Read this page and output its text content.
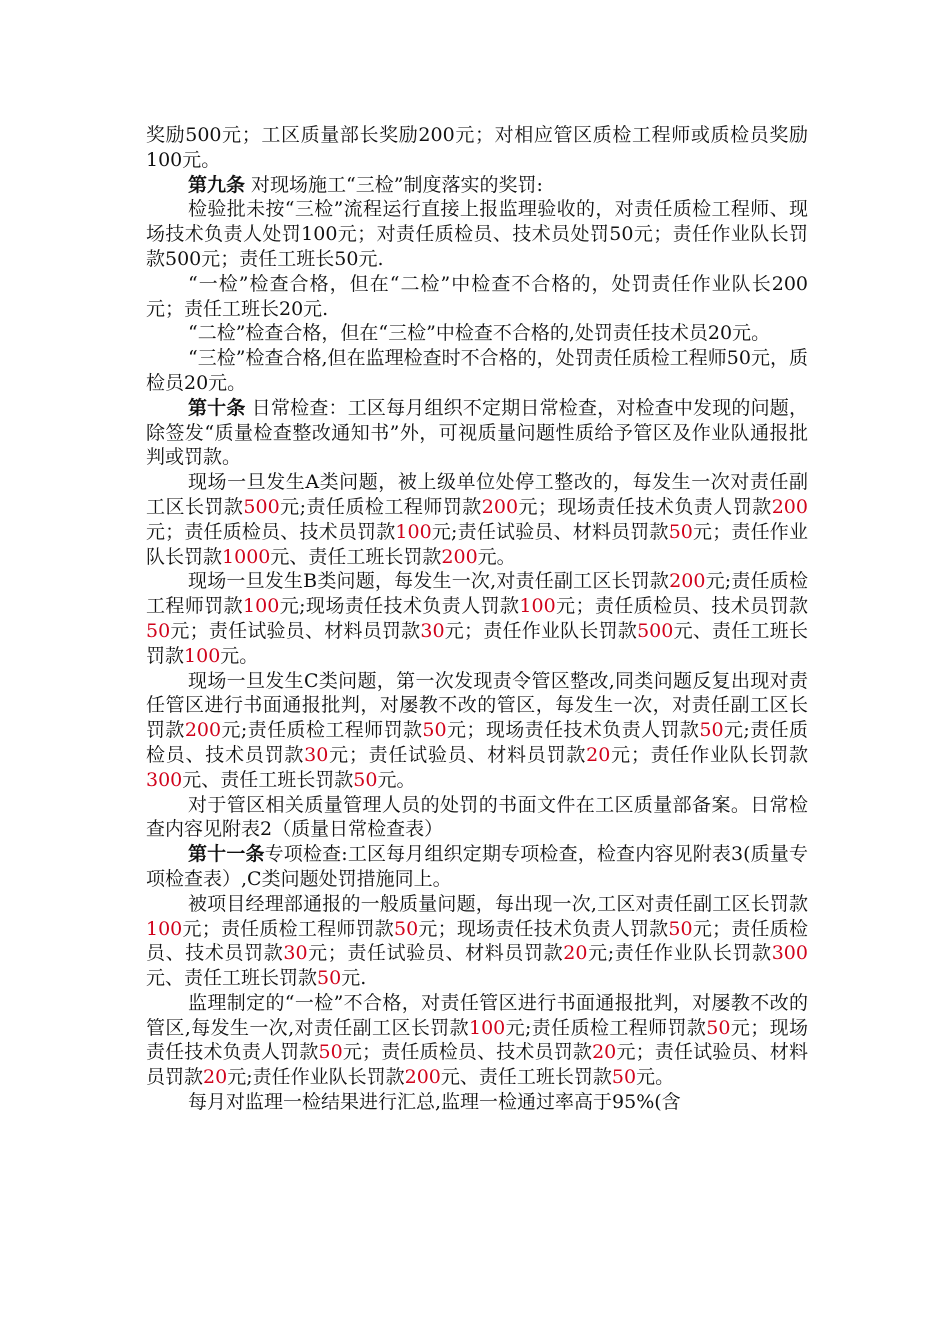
奖励500元；工区质量部长奖励200元；对相应管区质检工程师或质检员奖励100元。

第九条 对现场施工“三检”制度落实的奖罚:

检验批未按“三检”流程运行直接上报监理验收的，对责任质检工程师、现场技术负责人处罚100元；对责任质检员、技术员处罚50元；责任作业队长罚款500元；责任工班长50元.

“一检”检查合格，但在“二检”中检查不合格的，处罚责任作业队长200元；责任工班长20元.

“二检”检查合格，但在“三检”中检查不合格的,处罚责任技术员20元。

“三检”检查合格,但在监理检查时不合格的，处罚责任质检工程师50元，质检员20元。

第十条 日常检查：工区每月组织不定期日常检查，对检查中发现的问题，除签发“质量检查整改通知书”外，可视质量问题性质给予管区及作业队通报批判或罚款。

现场一旦发生A类问题，被上级单位处停工整改的，每发生一次对责任副工区长罚款500元;责任质检工程师罚款200元；现场责任技术负责人罚款200元；责任质检员、技术员罚款100元;责任试验员、材料员罚款50元；责任作业队长罚款1000元、责任工班长罚款200元。

现场一旦发生B类问题，每发生一次,对责任副工区长罚款200元;责任质检工程师罚款100元;现场责任技术负责人罚款100元；责任质检员、技术员罚款50元；责任试验员、材料员罚款30元；责任作业队长罚款500元、责任工班长罚款100元。

现场一旦发生C类问题，第一次发现责令管区整改,同类问题反复出现对责任管区进行书面通报批判，对屡教不改的管区，每发生一次，对责任副工区长罚款200元;责任质检工程师罚款50元；现场责任技术负责人罚款50元;责任质检员、技术员罚款30元；责任试验员、材料员罚款20元；责任作业队长罚款300元、责任工班长罚款50元。

对于管区相关质量管理人员的处罚的书面文件在工区质量部备案。日常检查内容见附表2（质量日常检查表）

第十一条专项检查:工区每月组织定期专项检查，检查内容见附表3(质量专项检查表）,C类问题处罚措施同上。

被项目经理部通报的一般质量问题，每出现一次,工区对责任副工区长罚款100元；责任质检工程师罚款50元；现场责任技术负责人罚款50元；责任质检员、技术员罚款30元；责任试验员、材料员罚款20元;责任作业队长罚款300元、责任工班长罚款50元.

监理制定的“一检”不合格，对责任管区进行书面通报批判，对屡教不改的管区,每发生一次,对责任副工区长罚款100元;责任质检工程师罚款50元；现场责任技术负责人罚款50元；责任质检员、技术员罚款20元；责任试验员、材料员罚款20元;责任作业队长罚款200元、责任工班长罚款50元。

每月对监理一检结果进行汇总,监理一检通过率高于95%(含
